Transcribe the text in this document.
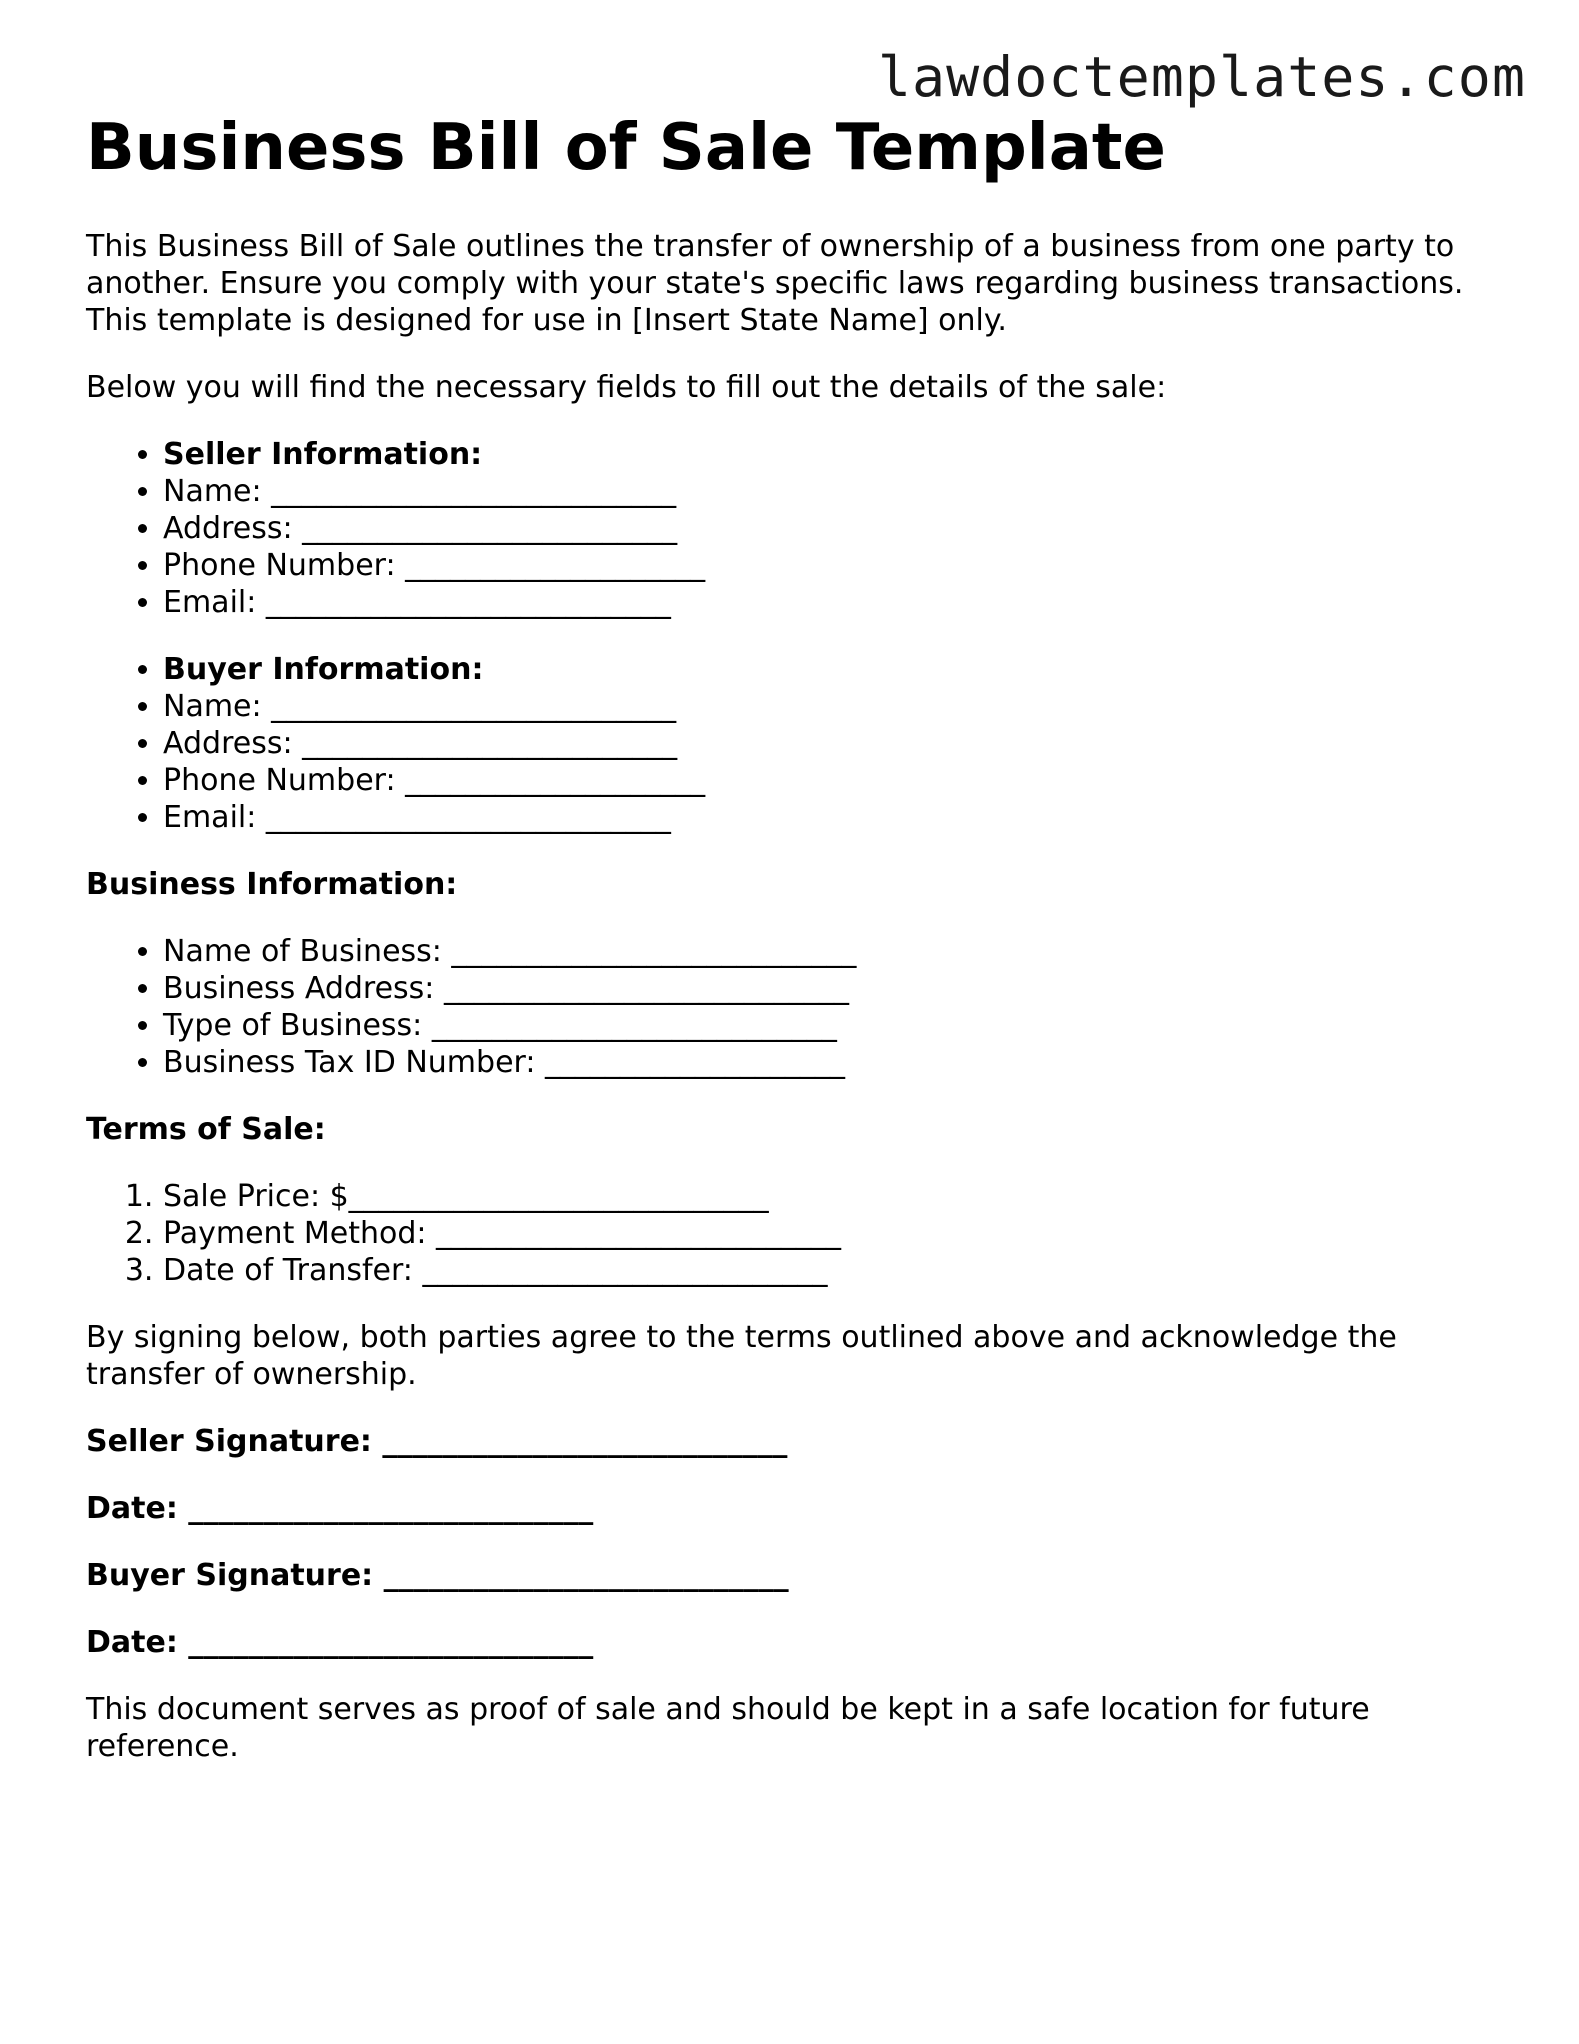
lawdoctemplates.com
Business Bill of Sale Template

This Business Bill of Sale outlines the transfer of ownership of a business from one party to another. Ensure you comply with your state's specific laws regarding business transactions. This template is designed for use in [Insert State Name] only.

Below you will find the necessary fields to fill out the details of the sale:

• Seller Information:
• Name: ___________________________
• Address: _________________________
• Phone Number: ____________________
• Email: ___________________________
• Buyer Information:
• Name: ___________________________
• Address: _________________________
• Phone Number: ____________________
• Email: ___________________________
Business Information:
• Name of Business: ___________________________
• Business Address: ___________________________
• Type of Business: ___________________________
• Business Tax ID Number: ____________________
Terms of Sale:
1. Sale Price: $____________________________
2. Payment Method: ___________________________
3. Date of Transfer: ___________________________

By signing below, both parties agree to the terms outlined above and acknowledge the transfer of ownership.

Seller Signature: ___________________________
Date: ___________________________
Buyer Signature: ___________________________
Date: ___________________________

This document serves as proof of sale and should be kept in a safe location for future reference.
